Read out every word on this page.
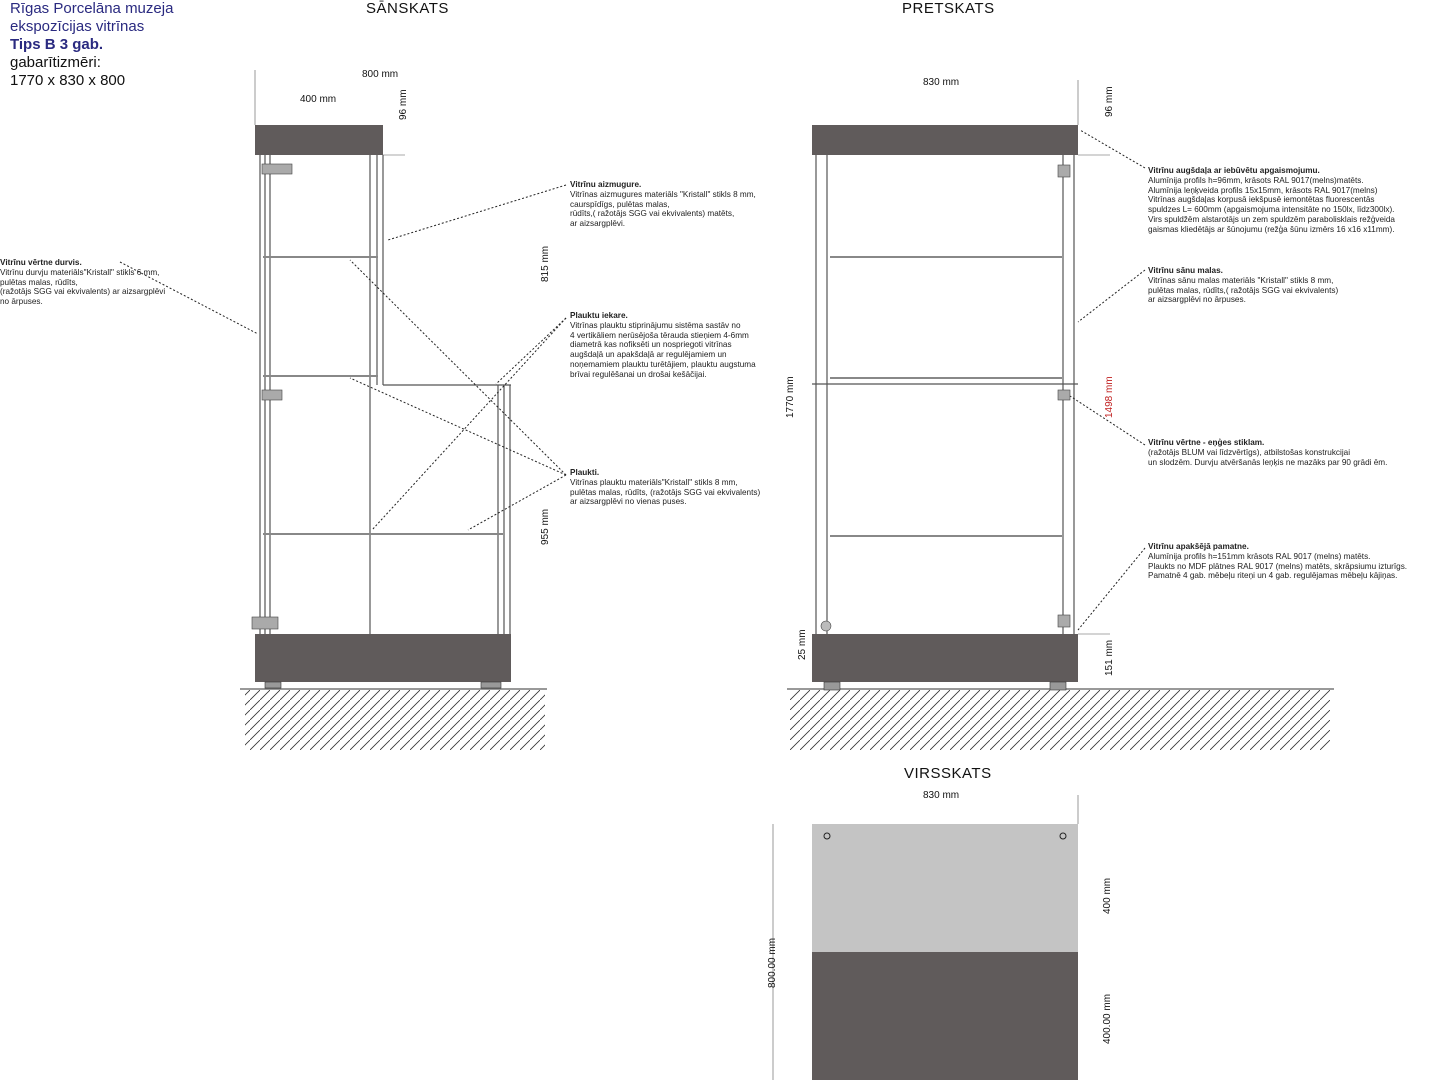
Rīgas Porcelāna muzeja
ekspozīcijas vitrīnas
Tips B 3 gab.
gabarītizmēri:
1770 x 830 x 800
SĀNSKATS	PRETSKATS
VIRSSKATS
800 mm
400 mm	96 mm
815 mm
955 mm
830 mm
96 mm
1770 mm	1498 mm
25 mm	151 mm
830 mm
800.00 mm
400 mm
400.00 mm
Vitrīnu vērtne durvis.
Vitrīnu durvju materiāls"Kristall" stikls 6 mm,
pulētas malas, rūdīts,
(ražotājs SGG vai ekvivalents) ar aizsargplēvi
no ārpuses.
Vitrīnu aizmugure.
Vitrīnas aizmugures materiāls "Kristall" stikls 8 mm,
caurspīdīgs, pulētas malas,
rūdīts,( ražotājs SGG vai ekvivalents) matēts,
ar aizsargplēvi.
Plauktu iekare.
Vitrīnas plauktu stiprinājumu sistēma sastāv no
4 vertikāliem nerūsējoša tērauda stieņiem 4-6mm
diametrā kas nofiksēti un nospriegoti vitrīnas
augšdaļā un apakšdaļā ar regulējamiem un
noņemamiem plauktu turētājiem, plauktu augstuma
brīvai regulēšanai un drošai kešāčijai.
Plaukti.
Vitrīnas plauktu materiāls"Kristall" stikls 8 mm,
pulētas malas, rūdīts, (ražotājs SGG vai ekvivalents)
ar aizsargplēvi no vienas puses.
Vitrīnu augšdaļa ar iebūvētu apgaismojumu.
Alumīnija profils h=96mm, krāsots RAL 9017(melns)matēts.
Alumīnija leņķveida profils 15x15mm, krāsots RAL 9017(melns)
Vitrīnas augšdaļas korpusā iekšpusē iemontētas fluorescentās
spuldzes L= 600mm (apgaismojuma intensitāte no 150lx, līdz300lx).
Virs spuldžēm alstarotājs un zem spuldzēm parabolisklais režģveida
gaismas kliedētājs ar šūnojumu (režģa šūnu izmērs 16 x16 x11mm).
Vitrīnu sānu malas.
Vitrīnas sānu malas materiāls "Kristall" stikls 8 mm,
pulētas malas, rūdīts,( ražotājs SGG vai ekvivalents)
ar aizsargplēvi no ārpuses.
Vitrīnu vērtne - eņģes stiklam.
(ražotājs BLUM vai līdzvērtīgs), atbilstošas konstrukcijai
un slodzēm. Durvju atvēršanās leņķis ne mazāks par 90 grādi ēm.
Vitrīnu apakšējā pamatne.
Alumīnija profils h=151mm krāsots RAL 9017 (melns) matēts.
Plaukts no MDF plātnes RAL 9017 (melns) matēts, skrāpsiumu izturīgs.
Pamatnē 4 gab. mēbeļu riteņi un 4 gab. regulējamas mēbeļu kājiņas.
